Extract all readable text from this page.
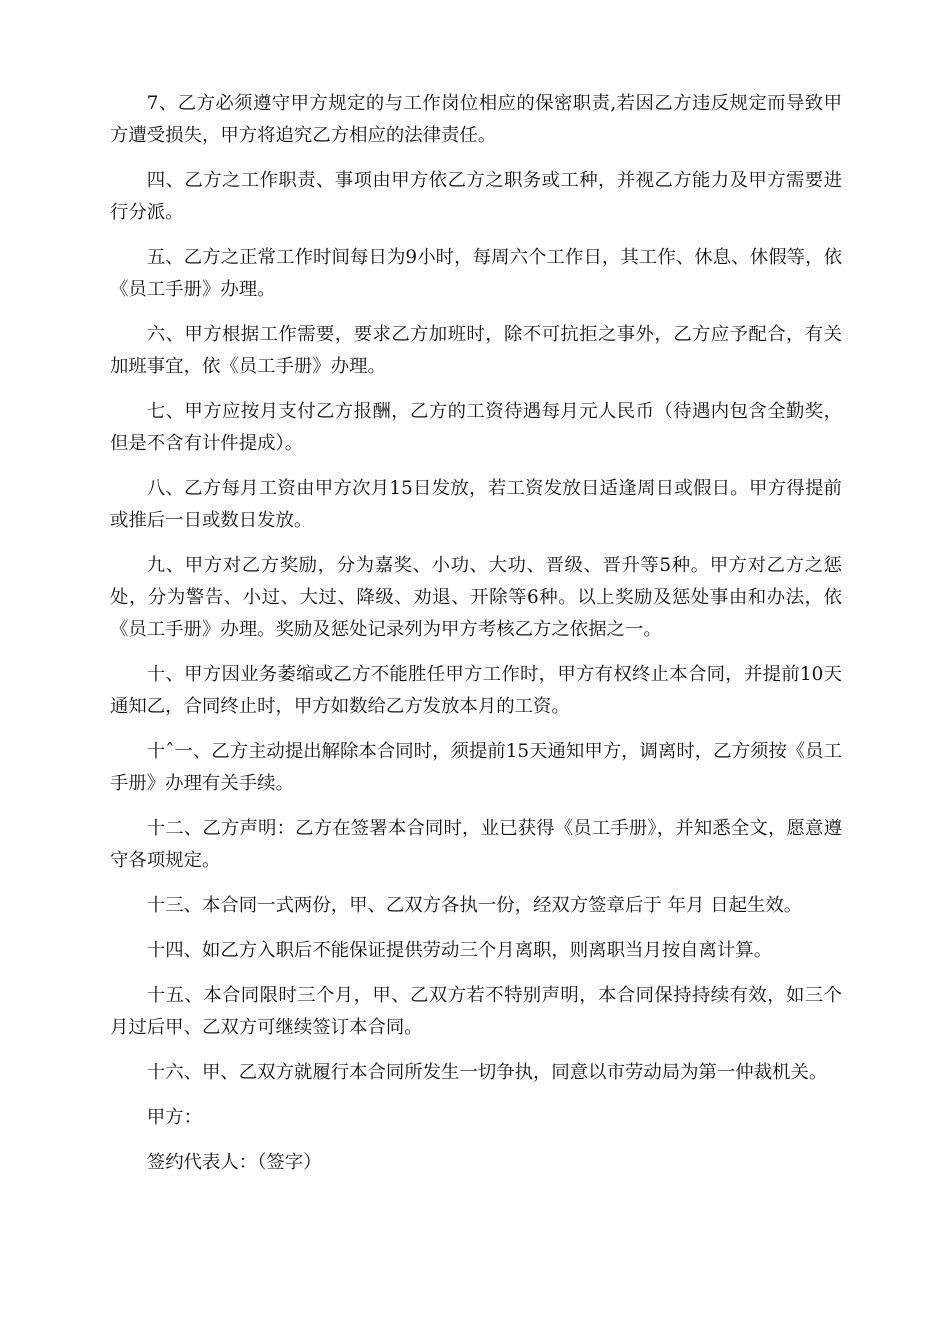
7、乙方必须遵守甲方规定的与工作岗位相应的保密职责,若因乙方违反规定而导致甲方遭受损失，甲方将追究乙方相应的法律责任。

四、乙方之工作职责、事项由甲方依乙方之职务或工种，并视乙方能力及甲方需要进行分派。

五、乙方之正常工作时间每日为9小时，每周六个工作日，其工作、休息、休假等，依《员工手册》办理。

六、甲方根据工作需要，要求乙方加班时，除不可抗拒之事外，乙方应予配合，有关加班事宜，依《员工手册》办理。

七、甲方应按月支付乙方报酬，乙方的工资待遇每月元人民币（待遇内包含全勤奖，但是不含有计件提成）。

八、乙方每月工资由甲方次月15日发放，若工资发放日适逢周日或假日。甲方得提前或推后一日或数日发放。

九、甲方对乙方奖励，分为嘉奖、小功、大功、晋级、晋升等5种。甲方对乙方之惩处，分为警告、小过、大过、降级、劝退、开除等6种。以上奖励及惩处事由和办法，依《员工手册》办理。奖励及惩处记录列为甲方考核乙方之依据之一。

十、甲方因业务萎缩或乙方不能胜任甲方工作时，甲方有权终止本合同，并提前10天通知乙，合同终止时，甲方如数给乙方发放本月的工资。

十ˆ一、乙方主动提出解除本合同时，须提前15天通知甲方，调离时，乙方须按《员工手册》办理有关手续。

十二、乙方声明：乙方在签署本合同时，业已获得《员工手册》，并知悉全文，愿意遵守各项规定。

十三、本合同一式两份，甲、乙双方各执一份，经双方签章后于 年月 日起生效。

十四、如乙方入职后不能保证提供劳动三个月离职，则离职当月按自离计算。

十五、本合同限时三个月，甲、乙双方若不特别声明，本合同保持持续有效，如三个月过后甲、乙双方可继续签订本合同。

十六、甲、乙双方就履行本合同所发生一切争执，同意以市劳动局为第一仲裁机关。

甲方：

签约代表人：（签字）
